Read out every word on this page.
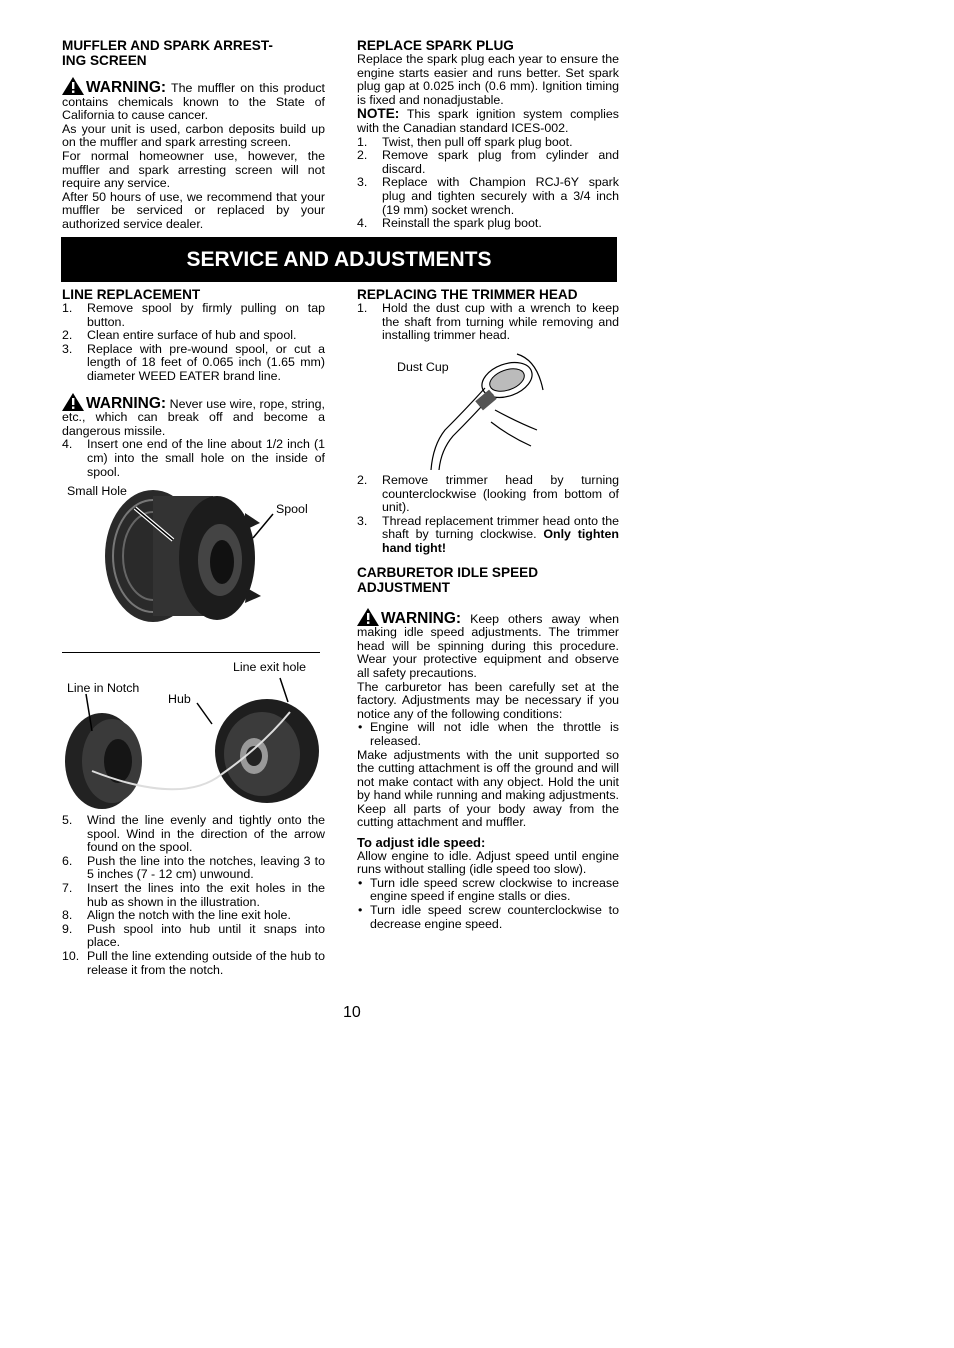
MUFFLER AND SPARK ARREST-
ING SCREEN

WARNING: The muffler on this product contains chemicals known to the State of California to cause cancer.

As your unit is used, carbon deposits build up on the muffler and spark arresting screen.

For normal homeowner use, however, the muffler and spark arresting screen will not require any service.

After 50 hours of use, we recommend that your muffler be serviced or replaced by your authorized service dealer.

REPLACE SPARK PLUG

Replace the spark plug each year to ensure the engine starts easier and runs better. Set spark plug gap at 0.025 inch (0.6 mm). Ignition timing is fixed and nonadjustable.

NOTE: This spark ignition system complies with the Canadian standard ICES-002.

1. Twist, then pull off spark plug boot.
2. Remove spark plug from cylinder and discard.
3. Replace with Champion RCJ-6Y spark plug and tighten securely with a 3/4 inch (19 mm) socket wrench.
4. Reinstall the spark plug boot.
SERVICE AND ADJUSTMENTS
LINE REPLACEMENT
1. Remove spool by firmly pulling on tap button.
2. Clean entire surface of hub and spool.
3. Replace with pre-wound spool, or cut a length of 18 feet of 0.065 inch (1.65 mm) diameter WEED EATER brand line.

WARNING: Never use wire, rope, string, etc., which can break off and become a dangerous missile.

4. Insert one end of the line about 1/2 inch (1 cm) into the small hole on the inside of spool.
Small Hole
Spool
Line exit hole
Line in Notch
Hub
5. Wind the line evenly and tightly onto the spool. Wind in the direction of the arrow found on the spool.
6. Push the line into the notches, leaving 3 to 5 inches (7 - 12 cm) unwound.
7. Insert the lines into the exit holes in the hub as shown in the illustration.
8. Align the notch with the line exit hole.
9. Push spool into hub until it snaps into place.
10. Pull the line extending outside of the hub to release it from the notch.
REPLACING THE TRIMMER HEAD
1. Hold the dust cup with a wrench to keep the shaft from turning while removing and installing trimmer head.
Dust Cup
2. Remove trimmer head by turning counterclockwise (looking from bottom of unit).
3. Thread replacement trimmer head onto the shaft by turning clockwise. Only tighten hand tight!
CARBURETOR IDLE SPEED
ADJUSTMENT

WARNING: Keep others away when making idle speed adjustments. The trimmer head will be spinning during this procedure. Wear your protective equipment and observe all safety precautions.

The carburetor has been carefully set at the factory. Adjustments may be necessary if you notice any of the following conditions:

• Engine will not idle when the throttle is released.

Make adjustments with the unit supported so the cutting attachment is off the ground and will not make contact with any object. Hold the unit by hand while running and making adjustments. Keep all parts of your body away from the cutting attachment and muffler.

To adjust idle speed:

Allow engine to idle. Adjust speed until engine runs without stalling (idle speed too slow).

• Turn idle speed screw clockwise to increase engine speed if engine stalls or dies.
• Turn idle speed screw counterclockwise to decrease engine speed.
10
